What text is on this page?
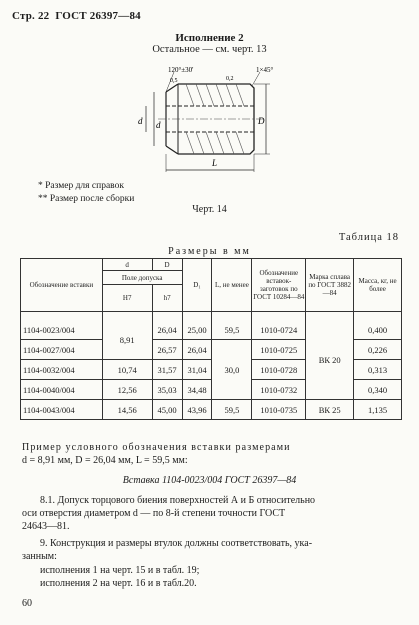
Стр. 22 ГОСТ 26397—84
Исполнение 2
Остальное — см. черт. 13
d d	D
L
120°±30'	1×45°
0,5	0,2
* Размер для справок
** Размер после сборки
Черт. 14
Таблица 18
Размеры в мм
Обозначение вставки	d	D	D₁	L, не менее	Обозначение вставок-заготовок по ГОСТ 10284—84	Марка сплава по ГОСТ 3882—84	Масса, кг, не более
	Поле допуска						
	H7	h7					
1104-0023/004	8,91	26,04	25,00	59,5	1010-0724	ВК 20	0,400
1104-0027/004		26,57	26,04	30,0	1010-0725		0,226
1104-0032/004	10,74	31,57	31,04		1010-0728		0,313
1104-0040/004	12,56	35,03	34,48		1010-0732		0,340
1104-0043/004	14,56	45,00	43,96	59,5	1010-0735	ВК 25	1,135
Пример условного обозначения вставки размерами
d = 8,91 мм, D = 26,04 мм, L = 59,5 мм:
Вставка 1104-0023/004 ГОСТ 26397—84
8.1. Допуск торцового биения поверхностей А и Б относительно
оси отверстия диаметром d — по 8-й степени точности ГОСТ
24643—81.
9. Конструкция и размеры втулок должны соответствовать, ука-
занным:
исполнения 1 на черт. 15 и в табл. 19;
исполнения 2 на черт. 16 и в табл.20.
60
